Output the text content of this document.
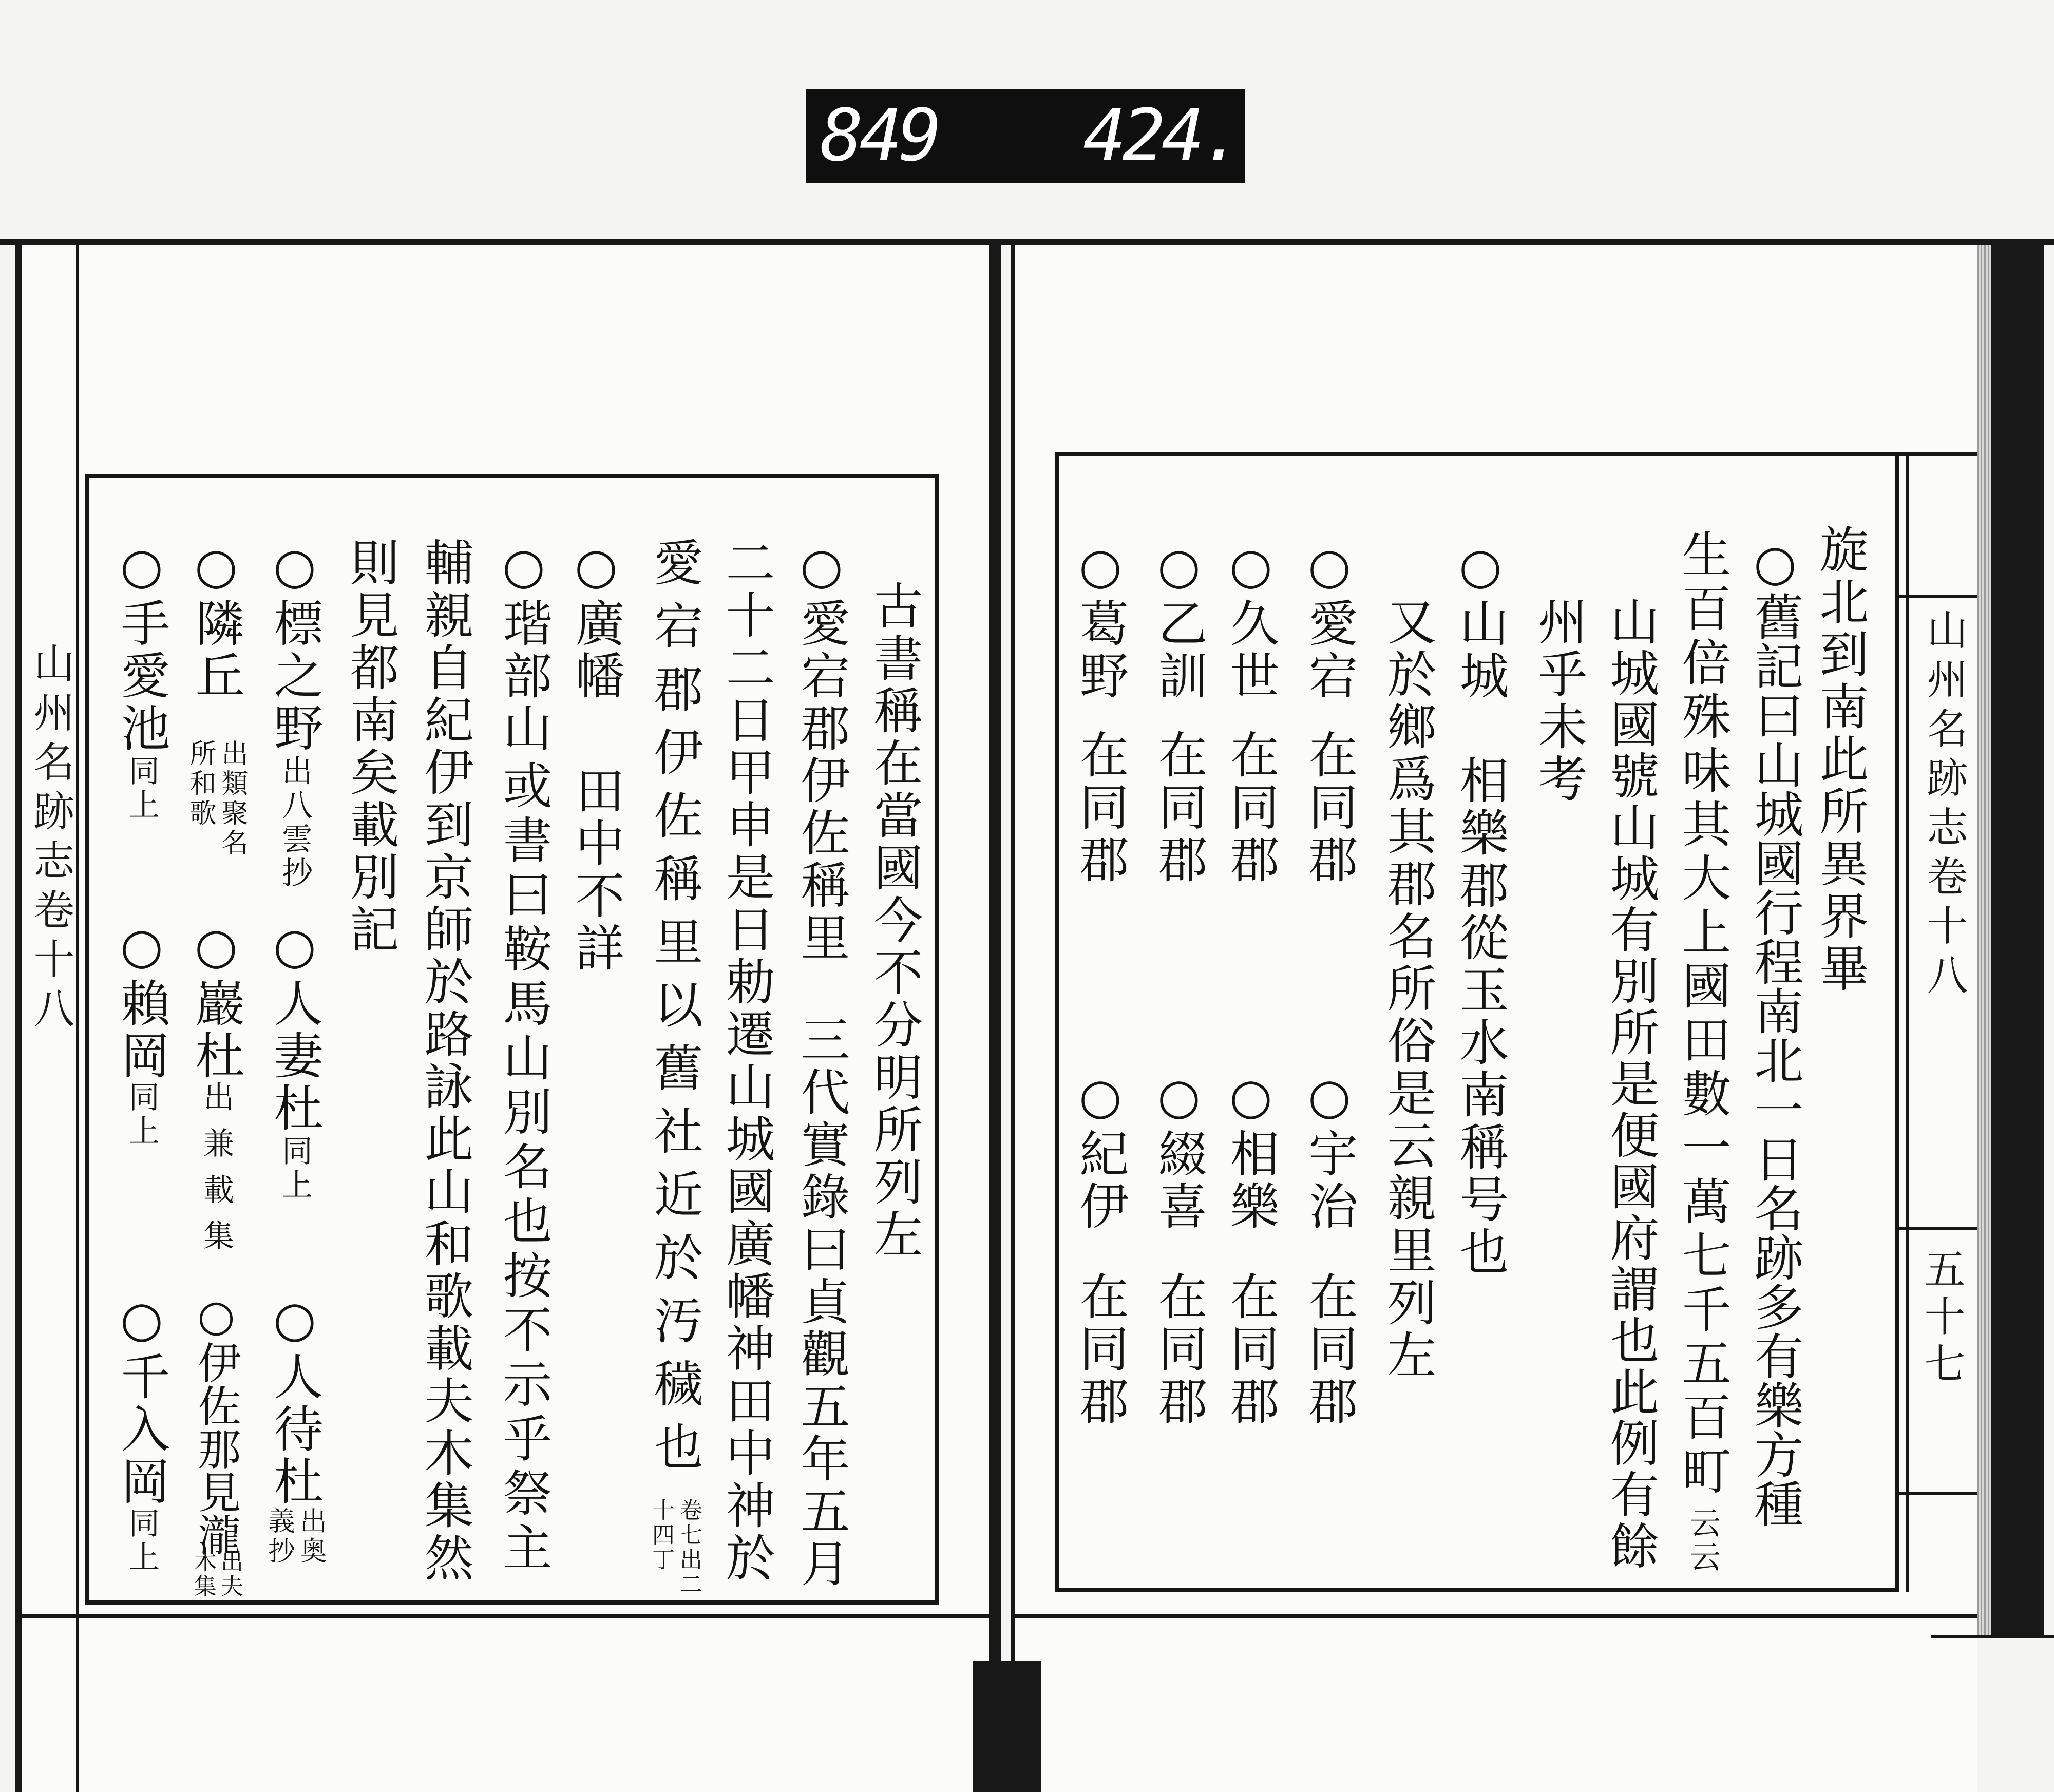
849 424.
山州名跡志卷十八	古書稱在當國今不分明所列左
○愛宕郡伊佐稱里
三代實錄曰貞觀五年五月
二十二日甲申是日勅遷山城國廣幡神田中神於
愛宕郡伊佐稱里以舊社近於汚穢也
卷七出二十四丁
○廣幡
田中不詳
○瑎部山
或書曰鞍馬山別名也按不示乎祭主
輔親自紀伊到京師於路詠此山和歌載夫木集然
則見都南矣載別記
○標之野
出八雲抄
○隣丘
出類聚名所和歌
○手愛池
同上
○人妻杜
同上
○巖杜
出兼載集
○賴岡
同上
○人待杜
出奥義抄
○伊佐那見瀧
出夫木集
○千入岡
同上
山州名跡志卷十八
五十七
旋北到南此所異界畢
○舊記曰山城國行程南北一日名跡多有樂方種
生百倍殊味其大上國田數一萬七千五百町
云云
山城國號山城有別所是便國府謂也此例有餘
州乎未考
○山城
相樂郡從玉水南稱号也
又於鄉爲其郡名所俗是云親里列左
○愛宕
在同郡
○久世
在同郡
○乙訓
在同郡
○葛野
在同郡
○宇治
在同郡
○相樂
在同郡
○綴喜
在同郡
○紀伊
在同郡
